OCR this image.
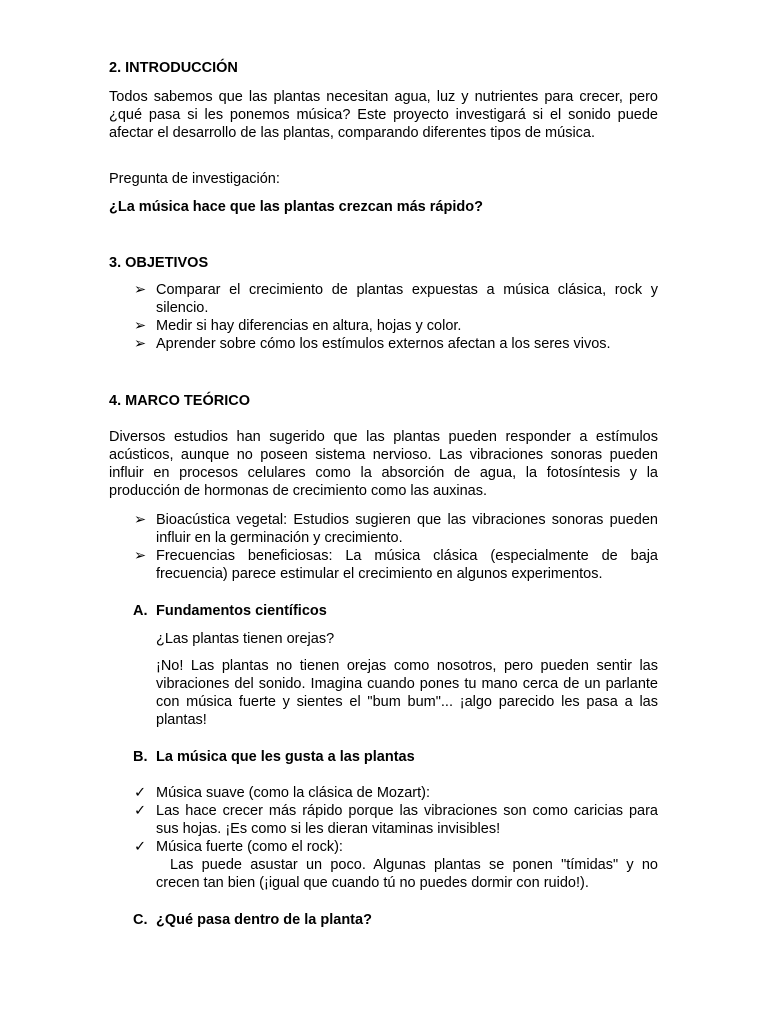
2. INTRODUCCIÓN

Todos sabemos que las plantas necesitan agua, luz y nutrientes para crecer, pero ¿qué pasa si les ponemos música? Este proyecto investigará si el sonido puede afectar el desarrollo de las plantas, comparando diferentes tipos de música.

Pregunta de investigación:

¿La música hace que las plantas crezcan más rápido?

3. OBJETIVOS

➢ Comparar el crecimiento de plantas expuestas a música clásica, rock y silencio.
➢ Medir si hay diferencias en altura, hojas y color.
➢ Aprender sobre cómo los estímulos externos afectan a los seres vivos.

4. MARCO TEÓRICO

Diversos estudios han sugerido que las plantas pueden responder a estímulos acústicos, aunque no poseen sistema nervioso. Las vibraciones sonoras pueden influir en procesos celulares como la absorción de agua, la fotosíntesis y la producción de hormonas de crecimiento como las auxinas.

➢ Bioacústica vegetal: Estudios sugieren que las vibraciones sonoras pueden influir en la germinación y crecimiento.
➢ Frecuencias beneficiosas: La música clásica (especialmente de baja frecuencia) parece estimular el crecimiento en algunos experimentos.

A. Fundamentos científicos

¿Las plantas tienen orejas?

¡No! Las plantas no tienen orejas como nosotros, pero pueden sentir las vibraciones del sonido. Imagina cuando pones tu mano cerca de un parlante con música fuerte y sientes el "bum bum"... ¡algo parecido les pasa a las plantas!

B. La música que les gusta a las plantas

✓ Música suave (como la clásica de Mozart):
✓ Las hace crecer más rápido porque las vibraciones son como caricias para sus hojas. ¡Es como si les dieran vitaminas invisibles!
✓ Música fuerte (como el rock):
Las puede asustar un poco. Algunas plantas se ponen "tímidas" y no crecen tan bien (¡igual que cuando tú no puedes dormir con ruido!).

C. ¿Qué pasa dentro de la planta?
